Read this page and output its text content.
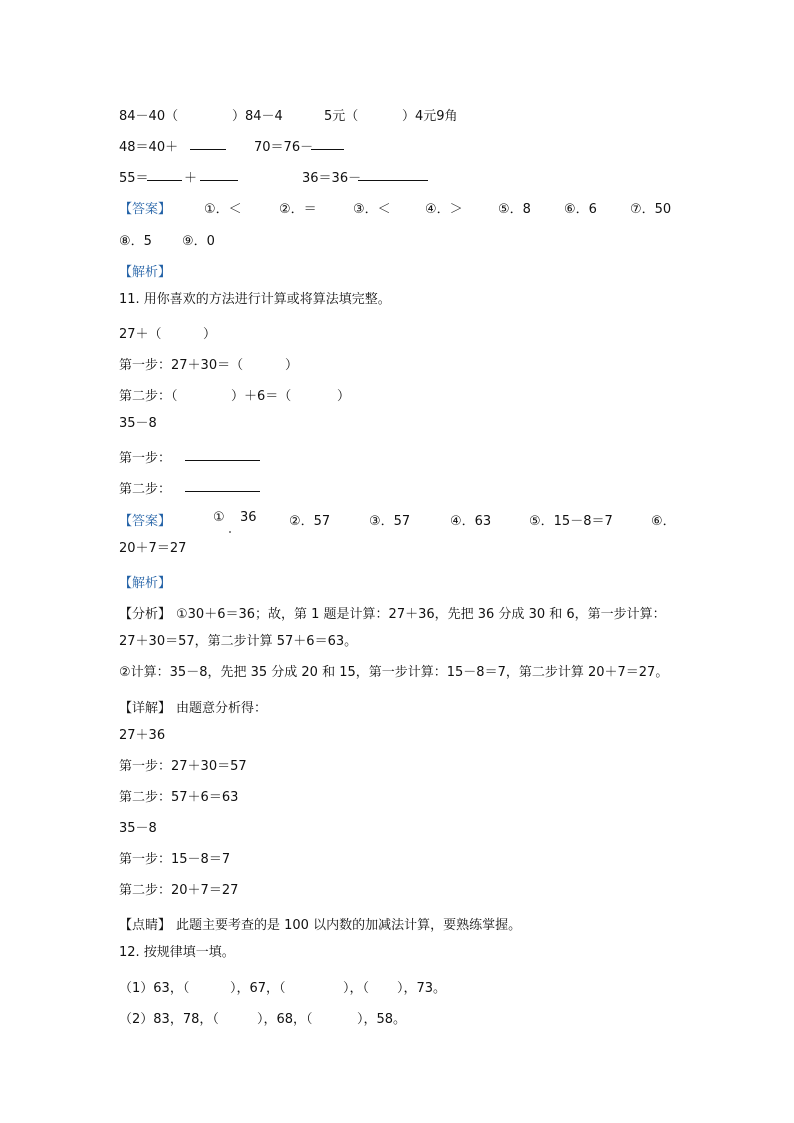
84－40（	）84－4	5元（	）4元9角
48＝40＋	70＝76－
55＝	＋	36＝36－
【答案】	①．＜	②．＝	③．＜	④．＞	⑤．8	⑥．6	⑦．50
⑧．5 ⑨．0
【解析】
11. 用你喜欢的方法进行计算或将算法填完整。
27＋（	）
第一步：27＋30＝（	）
第二步：（	）＋6＝（	）
35－8
第一步：
第二步：
【答案】	① 36 ②．57	③．57	④．63	⑤．15－8＝7	⑥．
20＋7＝27
【解析】
【分析】 ①30＋6＝36；故，第 1 题是计算：27＋36，先把 36 分成 30 和 6，第一步计算：
27＋30＝57，第二步计算 57＋6＝63。
②计算：35－8，先把 35 分成 20 和 15，第一步计算：15－8＝7，第二步计算 20＋7＝27。
【详解】 由题意分析得：
27＋36
第一步：27＋30＝57
第二步：57＋6＝63
35－8
第一步：15－8＝7
第二步：20＋7＝27
【点睛】 此题主要考查的是 100 以内数的加减法计算，要熟练掌握。
12. 按规律填一填。
（1）63，（	），67，（	），（ ），73。
（2）83，78，（	），68，（	），58。
